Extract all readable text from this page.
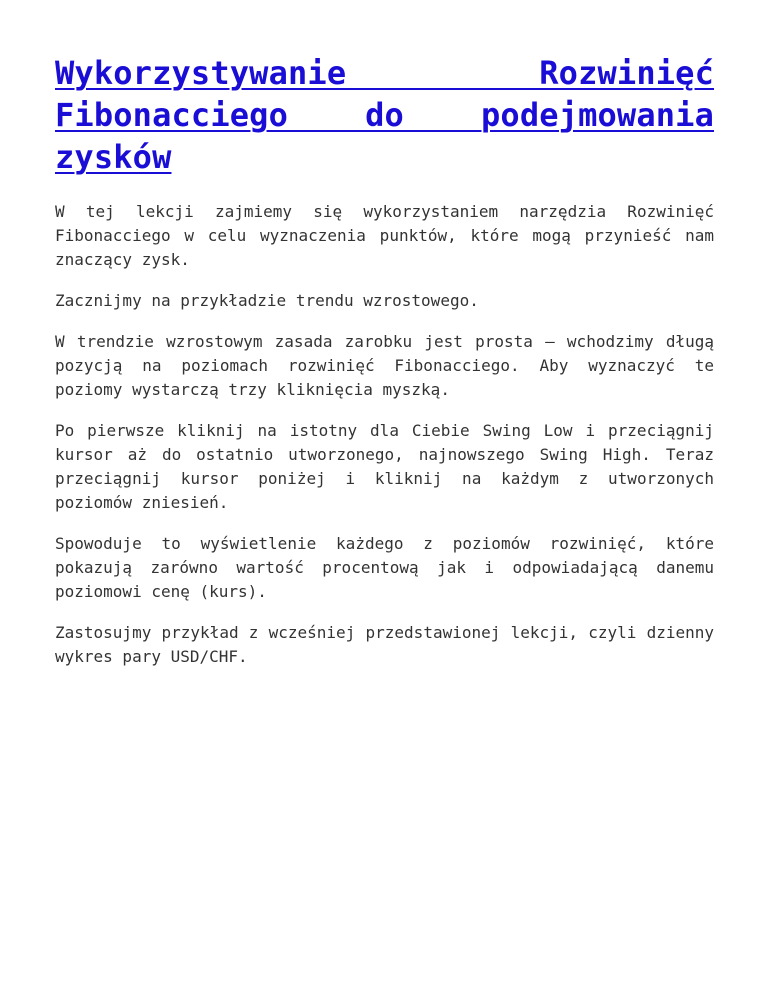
Wykorzystywanie Rozwinięć Fibonacciego do podejmowania zysków

W tej lekcji zajmiemy się wykorzystaniem narzędzia Rozwinięć Fibonacciego w celu wyznaczenia punktów, które mogą przynieść nam znaczący zysk.

Zacznijmy na przykładzie trendu wzrostowego.

W trendzie wzrostowym zasada zarobku jest prosta – wchodzimy długą pozycją na poziomach rozwinięć Fibonacciego. Aby wyznaczyć te poziomy wystarczą trzy kliknięcia myszką.

Po pierwsze kliknij na istotny dla Ciebie Swing Low i przeciągnij kursor aż do ostatnio utworzonego, najnowszego Swing High. Teraz przeciągnij kursor poniżej i kliknij na każdym z utworzonych poziomów zniesień.

Spowoduje to wyświetlenie każdego z poziomów rozwinięć, które pokazują zarówno wartość procentową jak i odpowiadającą danemu poziomowi cenę (kurs).

Zastosujmy przykład z wcześniej przedstawionej lekcji, czyli dzienny wykres pary USD/CHF.
